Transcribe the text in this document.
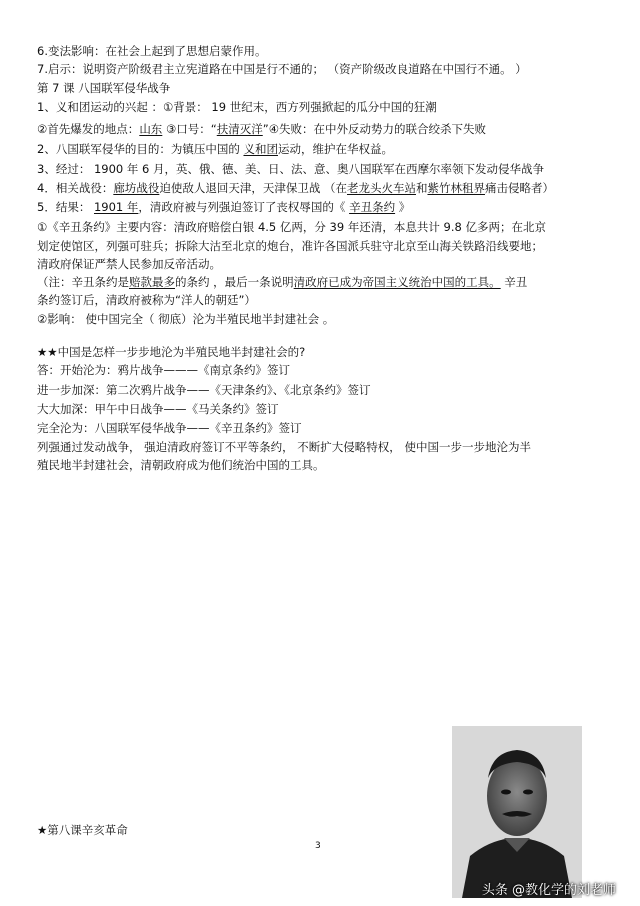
6.变法影响：在社会上起到了思想启蒙作用。
7.启示：说明资产阶级君主立宪道路在中国是行不通的； （资产阶级改良道路在中国行不通。 ）
第 7 课 八国联军侵华战争
1、义和团运动的兴起 ：①背景： 19 世纪末，西方列强掀起的瓜分中国的狂潮
②首先爆发的地点：山东 ③口号：“扶清灭洋”④失败：在中外反动势力的联合绞杀下失败
2、八国联军侵华的目的：为镇压中国的 义和团运动，维护在华权益。
3、经过： 1900 年 6 月，英、俄、德、美、日、法、意、奥八国联军在西摩尔率领下发动侵华战争
4．相关战役：廊坊战役迫使敌人退回天津，天津保卫战 （在老龙头火车站和紫竹林租界痛击侵略者）
5．结果： 1901 年，清政府被与列强迫签订了丧权辱国的《 辛丑条约 》
①《辛丑条约》主要内容：清政府赔偿白银 4.5 亿两，分 39 年还清，本息共计 9.8 亿多两；在北京
划定使馆区，列强可驻兵；拆除大沽至北京的炮台，准许各国派兵驻守北京至山海关铁路沿线要地；
清政府保证严禁人民参加反帝活动。
（注：辛丑条约是赔款最多的条约 ，最后一条说明清政府已成为帝国主义统治中国的工具。 辛丑
条约签订后，清政府被称为“洋人的朝廷”）
②影响： 使中国完全（ 彻底）沦为半殖民地半封建社会 。
★★中国是怎样一步步地沦为半殖民地半封建社会的?
答：开始沦为：鸦片战争———《南京条约》签订
进一步加深：第二次鸦片战争——《天津条约》、《北京条约》签订
大大加深：甲午中日战争——《马关条约》签订
完全沦为：八国联军侵华战争——《辛丑条约》签订
列强通过发动战争， 强迫清政府签订不平等条约， 不断扩大侵略特权， 使中国一步一步地沦为半
殖民地半封建社会，清朝政府成为他们统治中国的工具。
★第八课辛亥革命
3
头条 @教化学的刘老师
